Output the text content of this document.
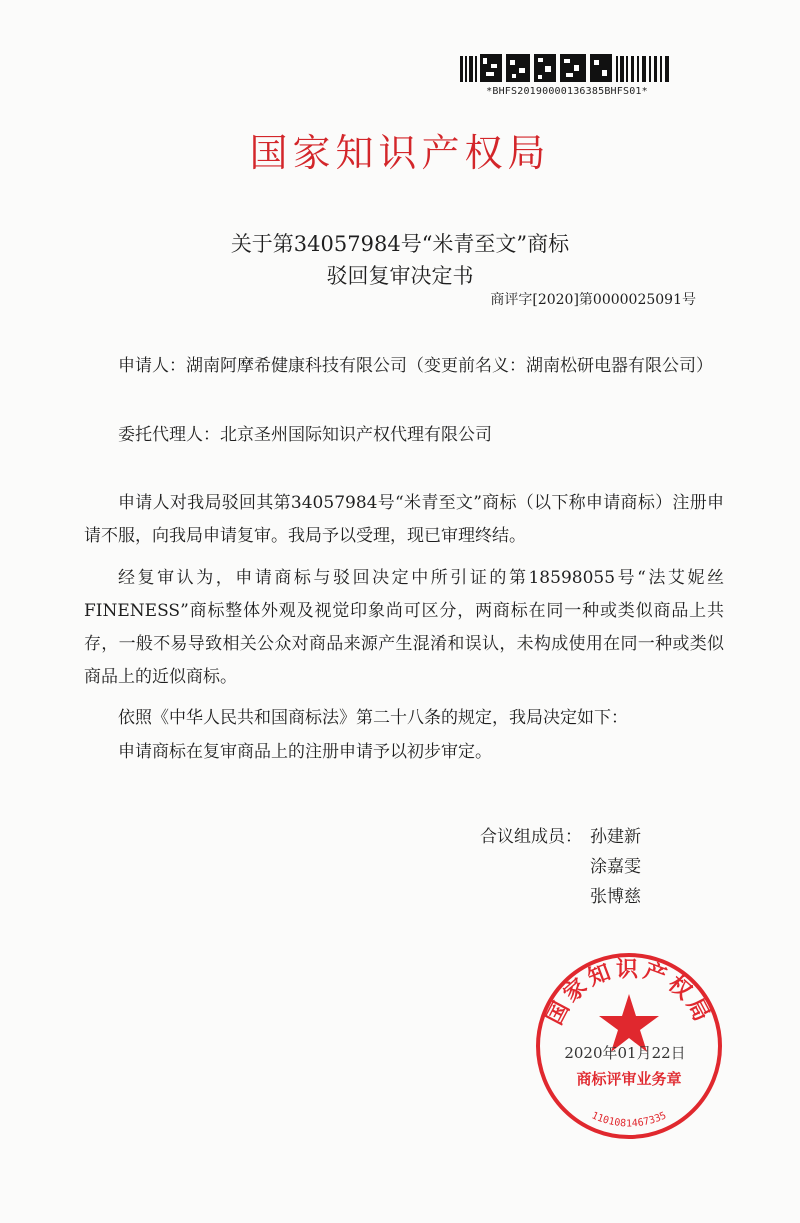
*BHFS20190000136385BHFS01*
国家知识产权局
关于第34057984号“米青至文”商标
驳回复审决定书
商评字[2020]第0000025091号
申请人：湖南阿摩希健康科技有限公司（变更前名义：湖南松研电器有限公司）
委托代理人：北京圣州国际知识产权代理有限公司
申请人对我局驳回其第34057984号“米青至文”商标（以下称申请商标）注册申请不服，向我局申请复审。我局予以受理，现已审理终结。
经复审认为，申请商标与驳回决定中所引证的第18598055号“法艾妮丝FINENESS”商标整体外观及视觉印象尚可区分，两商标在同一种或类似商品上共存，一般不易导致相关公众对商品来源产生混淆和误认，未构成使用在同一种或类似商品上的近似商标。
依照《中华人民共和国商标法》第二十八条的规定，我局决定如下：
申请商标在复审商品上的注册申请予以初步审定。
合议组成员： 孙建新
涂嘉雯
张博慈
国家知识产权局
商标评审业务章
1101081467335
2020年01月22日
